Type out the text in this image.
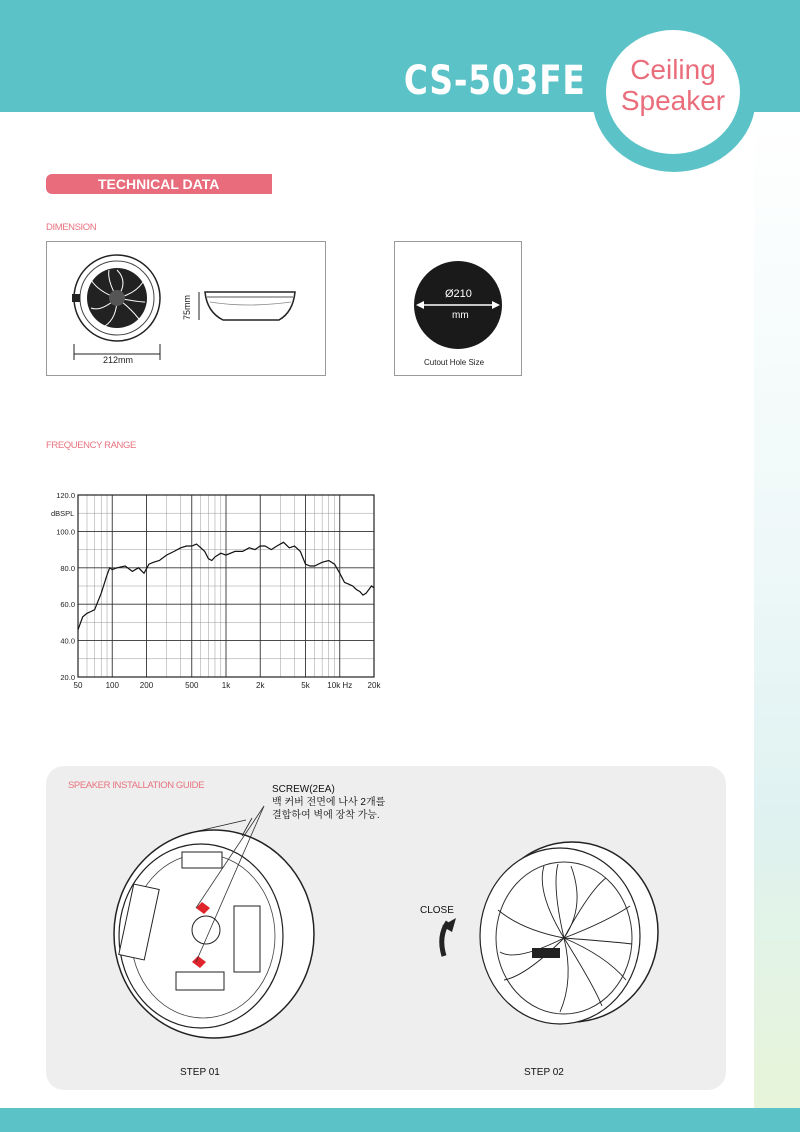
CS-503FE	Ceiling
Speaker
TECHNICAL DATA
DIMENSION
212mm
75mm
Ø210
mm
Cutout Hole Size
FREQUENCY RANGE
20.0
40.0
60.0
80.0
100.0
120.0
50	100	200	500	1k	2k	5k 10k Hz 20k
dBSPL
SPEAKER INSTALLATION GUIDE	SCREW(2EA)
백 커버 전면에 나사 2개를
결합하여 벽에 장착 가능.
CLOSE
STEP 01	STEP 02
